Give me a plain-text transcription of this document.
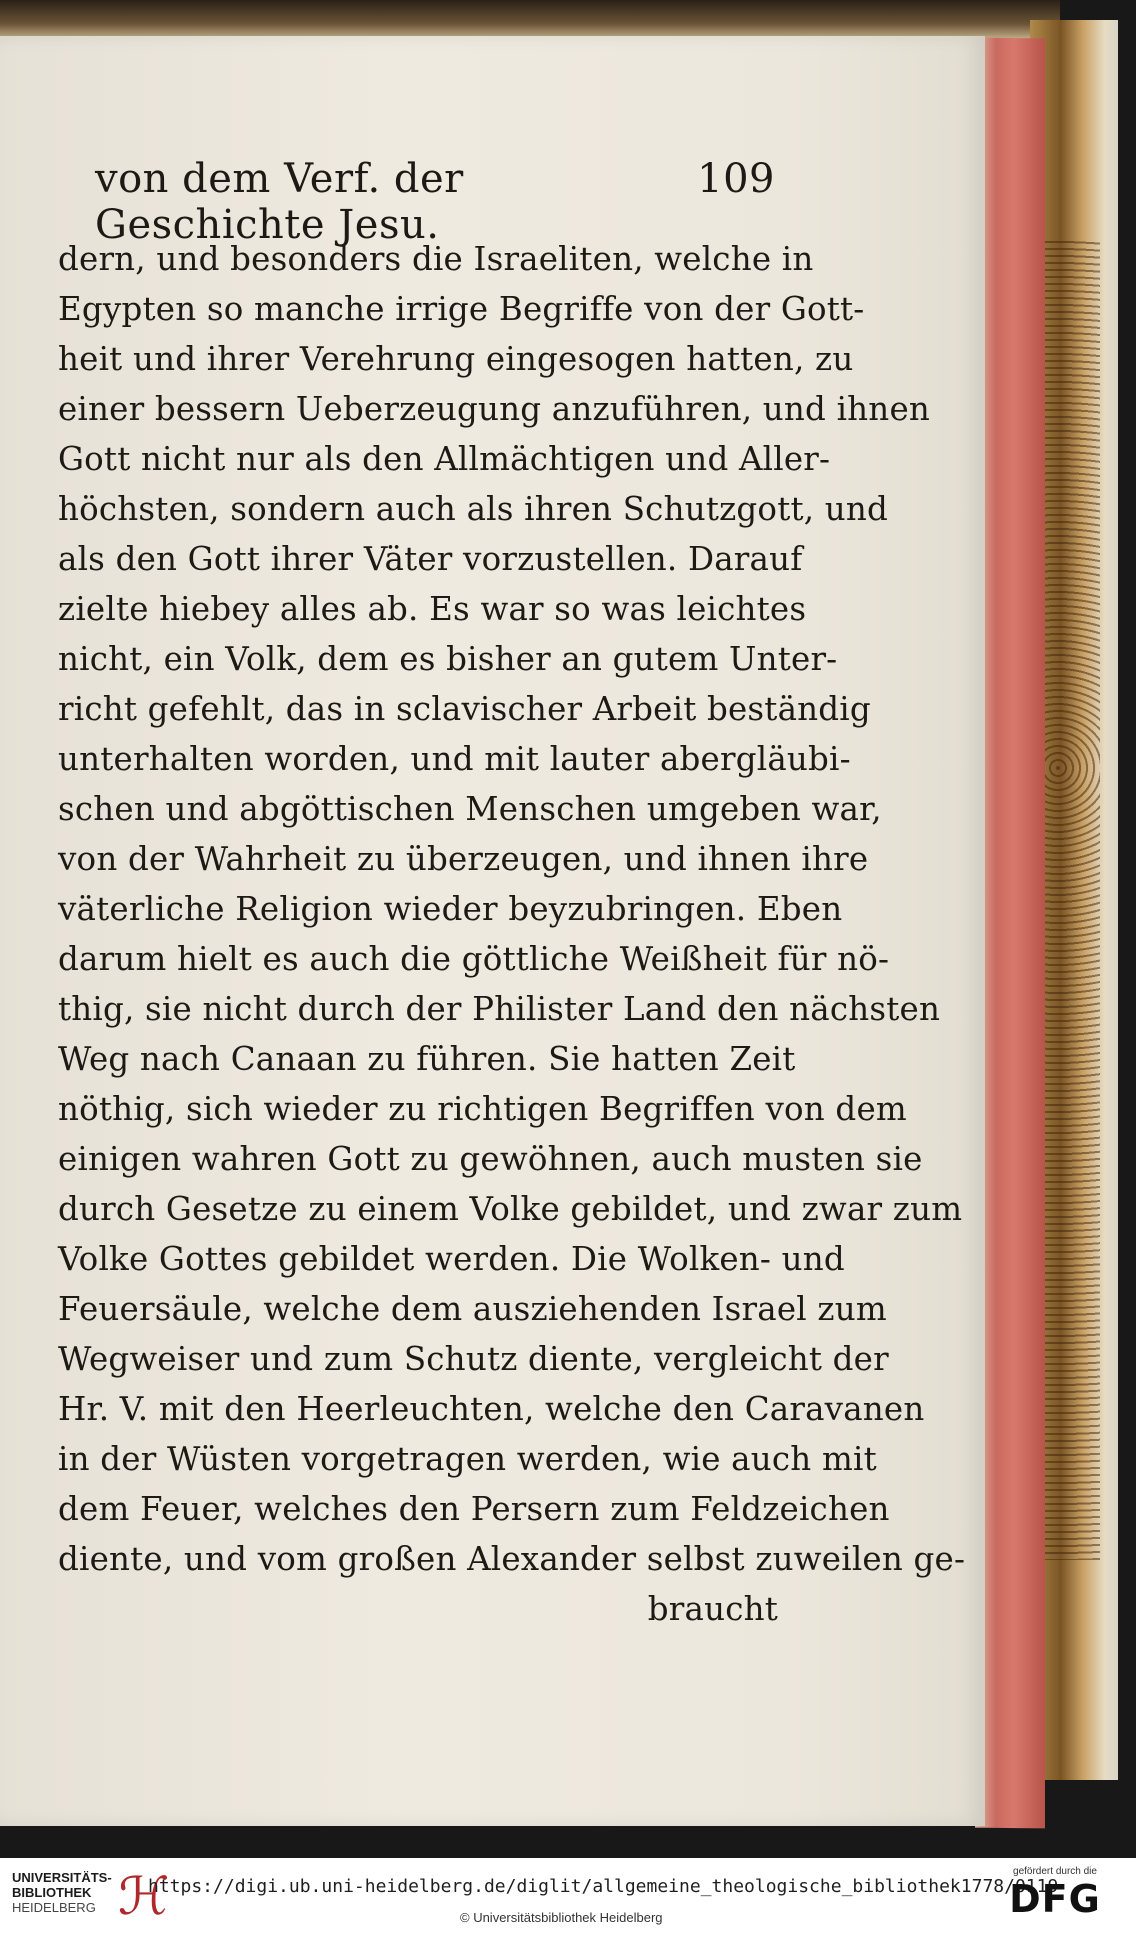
von dem Verf. der Geschichte Jesu.
109
dern, und besonders die Israeliten, welche in
Egypten so manche irrige Begriffe von der Gott-
heit und ihrer Verehrung eingesogen hatten, zu
einer bessern Ueberzeugung anzuführen, und ihnen
Gott nicht nur als den Allmächtigen und Aller-
höchsten, sondern auch als ihren Schutzgott, und
als den Gott ihrer Väter vorzustellen. Darauf
zielte hiebey alles ab. Es war so was leichtes
nicht, ein Volk, dem es bisher an gutem Unter-
richt gefehlt, das in sclavischer Arbeit beständig
unterhalten worden, und mit lauter abergläubi-
schen und abgöttischen Menschen umgeben war,
von der Wahrheit zu überzeugen, und ihnen ihre
väterliche Religion wieder beyzubringen. Eben
darum hielt es auch die göttliche Weißheit für nö-
thig, sie nicht durch der Philister Land den nächsten
Weg nach Canaan zu führen. Sie hatten Zeit
nöthig, sich wieder zu richtigen Begriffen von dem
einigen wahren Gott zu gewöhnen, auch musten sie
durch Gesetze zu einem Volke gebildet, und zwar zum
Volke Gottes gebildet werden. Die Wolken- und
Feuersäule, welche dem ausziehenden Israel zum
Wegweiser und zum Schutz diente, vergleicht der
Hr. V. mit den Heerleuchten, welche den Caravanen
in der Wüsten vorgetragen werden, wie auch mit
dem Feuer, welches den Persern zum Feldzeichen
diente, und vom großen Alexander selbst zuweilen ge-
braucht
UNIVERSITÄTS-
BIBLIOTHEK
HEIDELBERG ℋ
https://digi.ub.uni-heidelberg.de/diglit/allgemeine_theologische_bibliothek1778/0119
© Universitätsbibliothek Heidelberg
gefördert durch die
DFG
